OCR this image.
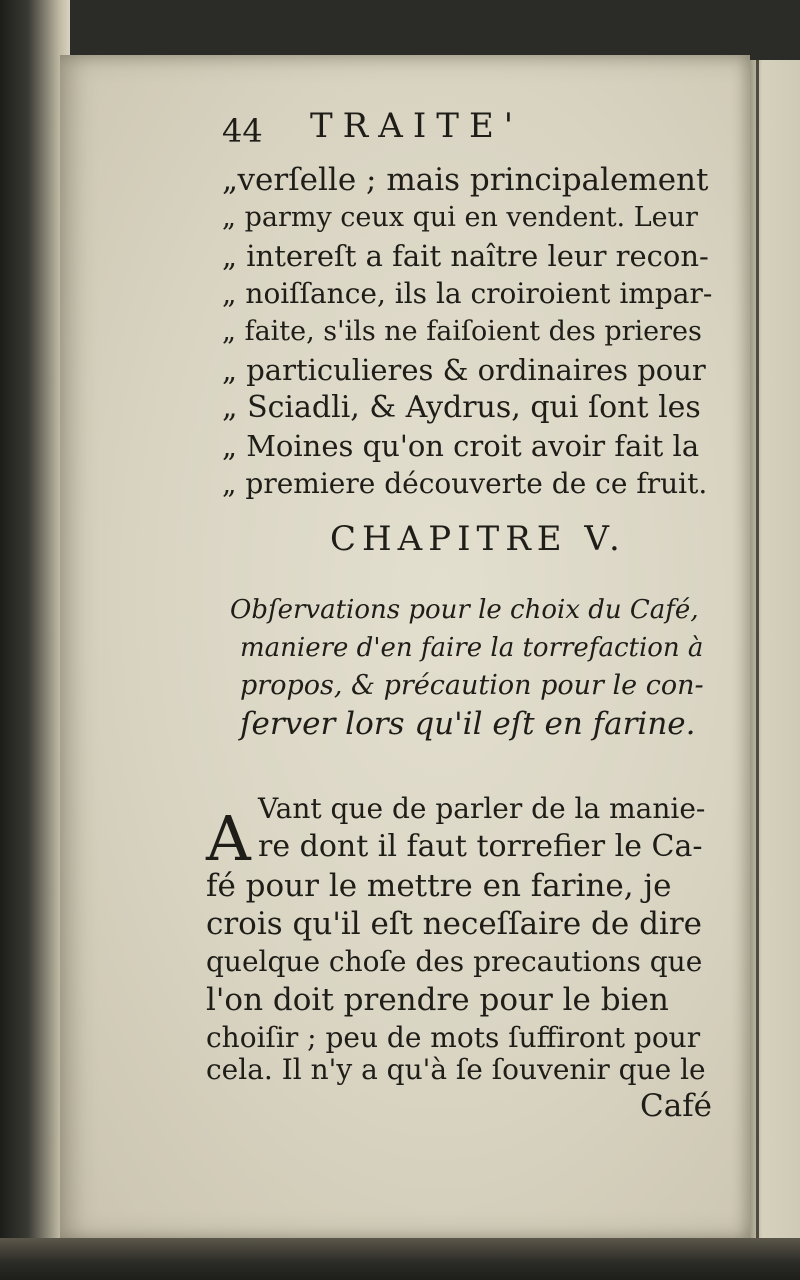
44 TRAITE'
„verſelle ; mais principalement
„ parmy ceux qui en vendent. Leur
„ intereſt a fait naître leur recon-
„ noiſſance, ils la croiroient impar-
„ faite, s'ils ne faiſoient des prieres
„ particulieres & ordinaires pour
„ Sciadli, & Aydrus, qui ſont les
„ Moines qu'on croit avoir fait la
„ premiere découverte de ce fruit.
CHAPITRE V.
Obſervations pour le choix du Café,
maniere d'en faire la torrefaction à
propos, & précaution pour le con-
ſerver lors qu'il eſt en farine.
A Vant que de parler de la manie-
re dont il faut torrefier le Ca-
fé pour le mettre en farine, je
crois qu'il eſt neceſſaire de dire
quelque choſe des precautions que
l'on doit prendre pour le bien
choiſir ; peu de mots ſuffiront pour
cela. Il n'y a qu'à ſe ſouvenir que le
Café
